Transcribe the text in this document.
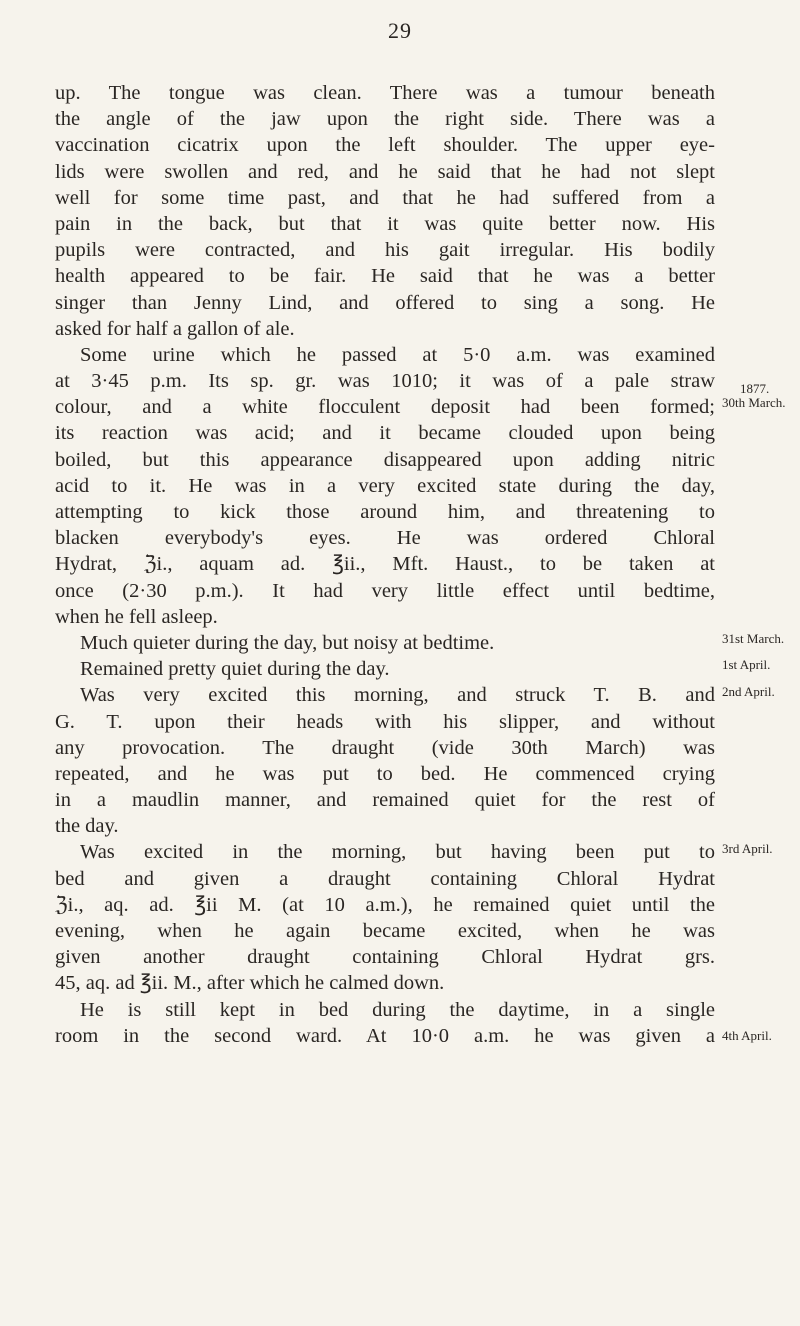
29
up. The tongue was clean. There was a tumour beneath
the angle of the jaw upon the right side. There was a
vaccination cicatrix upon the left shoulder. The upper eye-
lids were swollen and red, and he said that he had not slept
well for some time past, and that he had suffered from a
pain in the back, but that it was quite better now. His
pupils were contracted, and his gait irregular. His bodily
health appeared to be fair. He said that he was a better
singer than Jenny Lind, and offered to sing a song. He
asked for half a gallon of ale.
Some urine which he passed at 5·0 a.m. was examined
at 3·45 p.m. Its sp. gr. was 1010; it was of a pale straw
colour, and a white flocculent deposit had been formed;
its reaction was acid; and it became clouded upon being
boiled, but this appearance disappeared upon adding nitric
acid to it. He was in a very excited state during the day,
attempting to kick those around him, and threatening to
blacken everybody's eyes. He was ordered Chloral
Hydrat, ℨi., aquam ad. ℥ii., Mft. Haust., to be taken at
once (2·30 p.m.). It had very little effect until bedtime,
when he fell asleep.
Much quieter during the day, but noisy at bedtime.
Remained pretty quiet during the day.
Was very excited this morning, and struck T. B. and
G. T. upon their heads with his slipper, and without
any provocation. The draught (vide 30th March) was
repeated, and he was put to bed. He commenced crying
in a maudlin manner, and remained quiet for the rest of
the day.
Was excited in the morning, but having been put to
bed and given a draught containing Chloral Hydrat
ℨi., aq. ad. ℥ii M. (at 10 a.m.), he remained quiet until the
evening, when he again became excited, when he was
given another draught containing Chloral Hydrat grs.
45, aq. ad ℥ii. M., after which he calmed down.
He is still kept in bed during the daytime, in a single
room in the second ward. At 10·0 a.m. he was given a
1877.
30th March.
31st March.
1st April.
2nd April.
3rd April.
4th April.
